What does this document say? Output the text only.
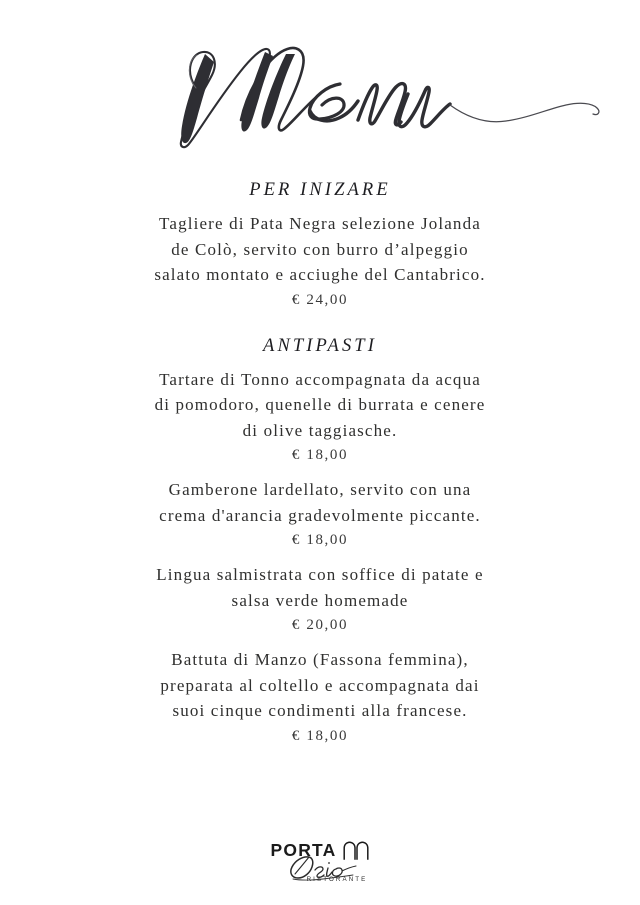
PER INIZARE

Tagliere di Pata Negra selezione Jolanda de Colò, servito con burro d’alpeggio salato montato e acciughe del Cantabrico.

€ 24,00

ANTIPASTI

Tartare di Tonno accompagnata da acqua di pomodoro, quenelle di burrata e cenere di olive taggiasche.

€ 18,00

Gamberone lardellato, servito con una crema d'arancia gradevolmente piccante.

€ 18,00

Lingua salmistrata con soffice di patate e salsa verde homemade

€ 20,00

Battuta di Manzo (Fassona femmina), preparata al coltello e accompagnata dai suoi cinque condimenti alla francese.

€ 18,00

PORTA
RISTORANTE
